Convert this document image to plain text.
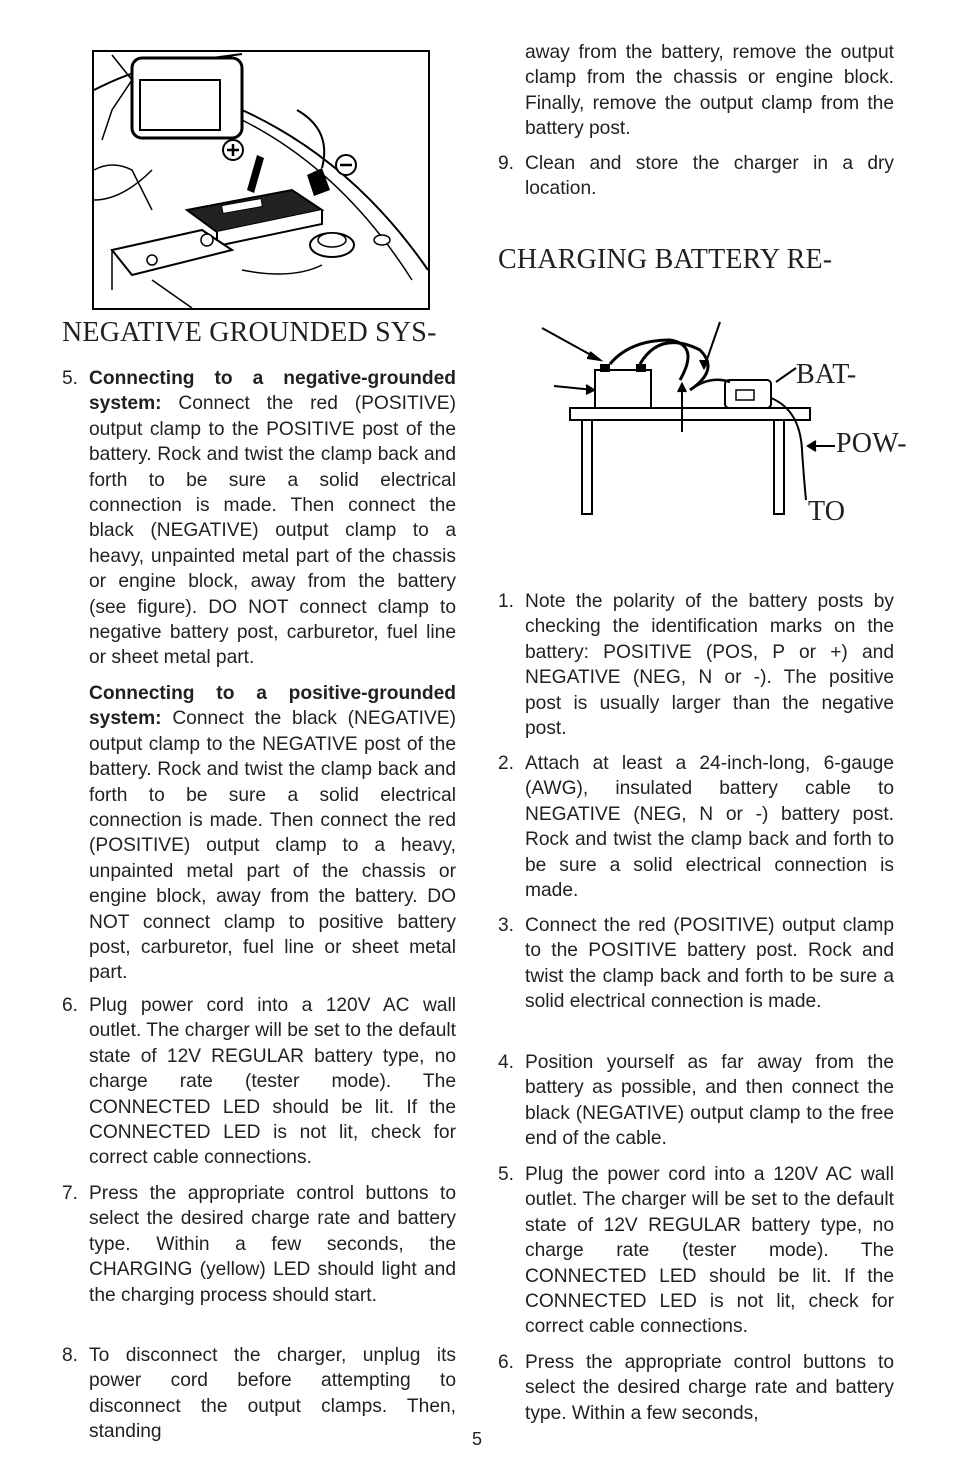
NEGATIVE GROUNDED SYS-
5. Connecting to a negative-grounded system: Connect the red (POSITIVE) output clamp to the POSITIVE post of the battery. Rock and twist the clamp back and forth to be sure a solid electrical connection is made. Then connect the black (NEGATIVE) output clamp to a heavy, unpainted metal part of the chassis or engine block, away from the battery (see figure). DO NOT connect clamp to negative battery post, carburetor, fuel line or sheet metal part.
Connecting to a positive-grounded system: Connect the black (NEGATIVE) output clamp to the NEGATIVE post of the battery. Rock and twist the clamp back and forth to be sure a solid electrical connection is made. Then connect the red (POSITIVE) output clamp to a heavy, unpainted metal part of the chassis or engine block, away from the battery. DO NOT connect clamp to positive battery post, carburetor, fuel line or sheet metal part.
6. Plug power cord into a 120V AC wall outlet. The charger will be set to the default state of 12V REGULAR battery type, no charge rate (tester mode). The CONNECTED LED should be lit. If the CONNECTED LED is not lit, check for correct cable connections.
7. Press the appropriate control buttons to select the desired charge rate and battery type. Within a few seconds, the CHARGING (yellow) LED should light and the charging process should start.
8. To disconnect the charger, unplug its power cord before attempting to disconnect the output clamps. Then, standing
away from the battery, remove the output clamp from the chassis or engine block. Finally, remove the output clamp from the battery post.
9. Clean and store the charger in a dry location.
CHARGING BATTERY RE-
BAT-
POW-
TO
1. Note the polarity of the battery posts by checking the identification marks on the battery: POSITIVE (POS, P or +) and NEGATIVE (NEG, N or -). The positive post is usually larger than the negative post.
2. Attach at least a 24-inch-long, 6-gauge (AWG), insulated battery cable to NEGATIVE (NEG, N or -) battery post. Rock and twist the clamp back and forth to be sure a solid electrical connection is made.
3. Connect the red (POSITIVE) output clamp to the POSITIVE battery post. Rock and twist the clamp back and forth to be sure a solid electrical connection is made.
4. Position yourself as far away from the battery as possible, and then connect the black (NEGATIVE) output clamp to the free end of the cable.
5. Plug the power cord into a 120V AC wall outlet. The charger will be set to the default state of 12V REGULAR battery type, no charge rate (tester mode). The CONNECTED LED should be lit. If the CONNECTED LED is not lit, check for correct cable connections.
6. Press the appropriate control buttons to select the desired charge rate and battery type. Within a few seconds,
5
